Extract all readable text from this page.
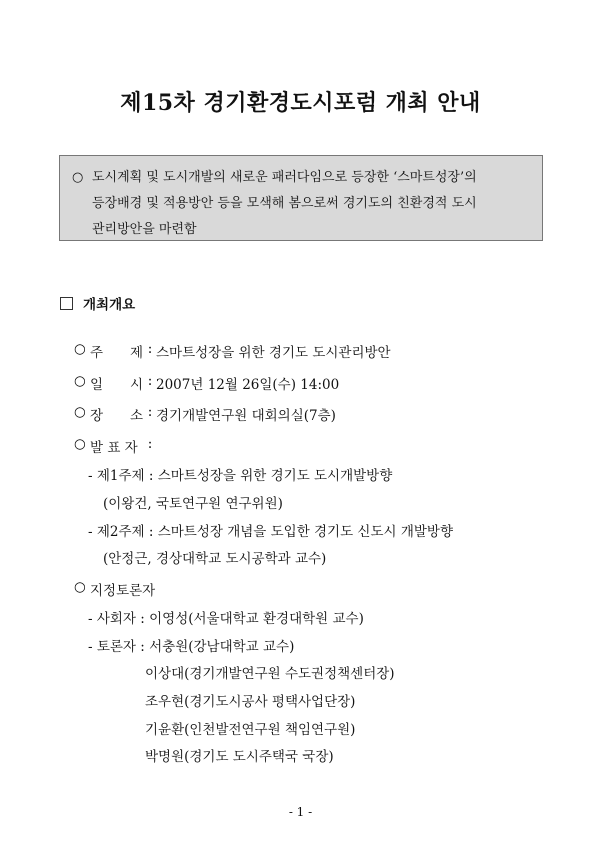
제15차 경기환경도시포럼 개최 안내
○ 도시계획 및 도시개발의 새로운 패러다임으로 등장한 ‘스마트성장’의
등장배경 및 적용방안 등을 모색해 봄으로써 경기도의 친환경적 도시
관리방안을 마련함
개최개요
○ 주　　제 : 스마트성장을 위한 경기도 도시관리방안
○ 일　　시 : 2007년 12월 26일(수) 14:00
○ 장　　소 : 경기개발연구원 대회의실(7층)
○ 발 표 자 :
- 제1주제 : 스마트성장을 위한 경기도 도시개발방향
(이왕건, 국토연구원 연구위원)
- 제2주제 : 스마트성장 개념을 도입한 경기도 신도시 개발방향
(안정근, 경상대학교 도시공학과 교수)
○ 지정토론자
- 사회자 : 이영성(서울대학교 환경대학원 교수)
- 토론자 : 서충원(강남대학교 교수)
이상대(경기개발연구원 수도권정책센터장)
조우현(경기도시공사 평택사업단장)
기윤환(인천발전연구원 책임연구원)
박명원(경기도 도시주택국 국장)
- 1 -
